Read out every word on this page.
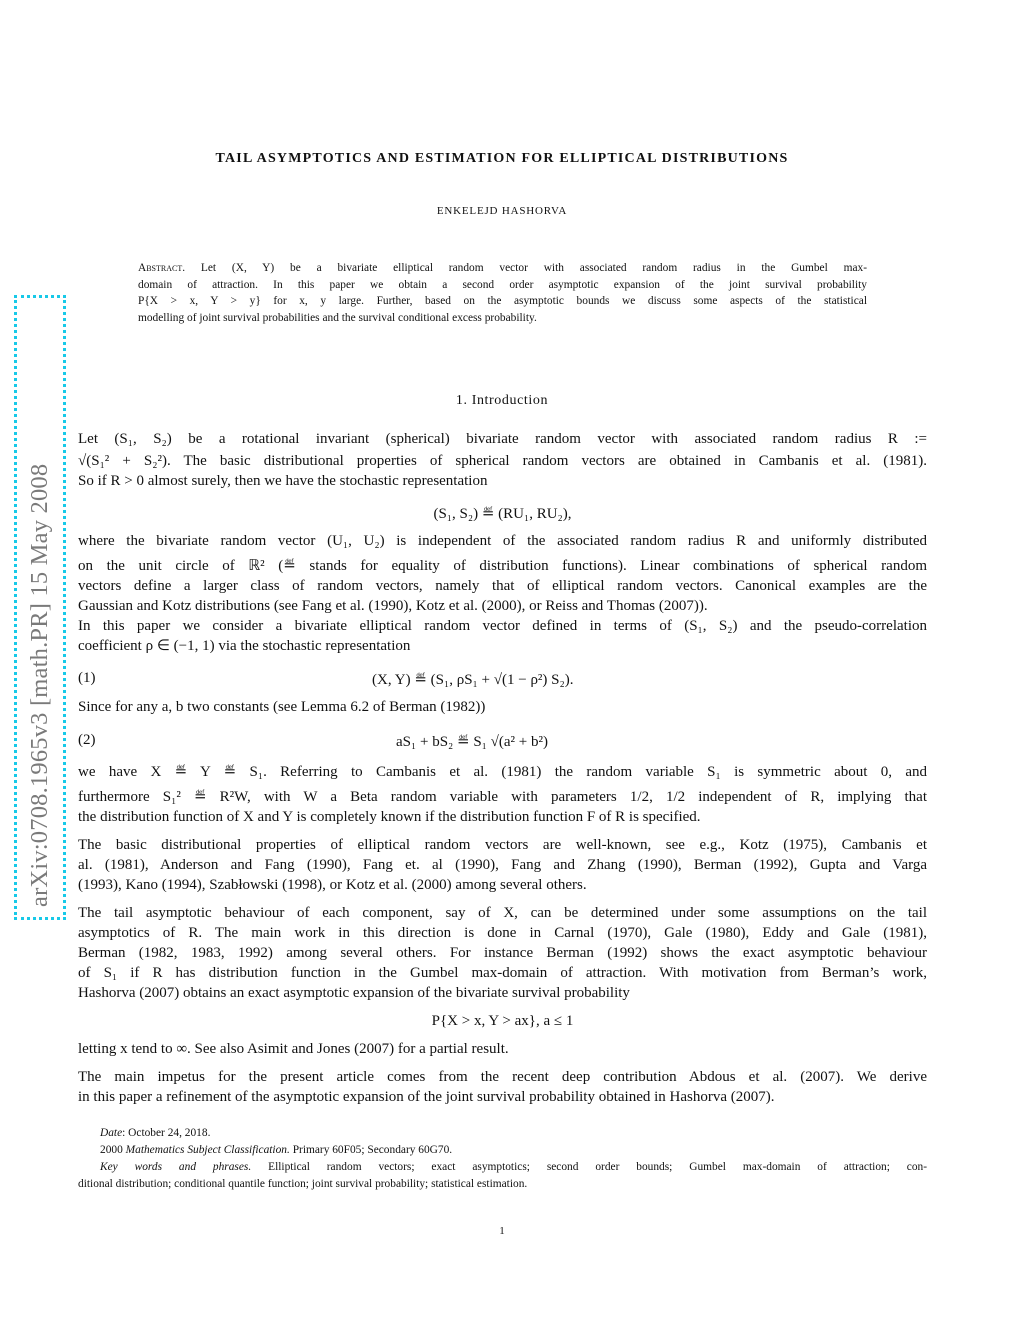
arXiv:0708.1965v3 [math.PR] 15 May 2008
TAIL ASYMPTOTICS AND ESTIMATION FOR ELLIPTICAL DISTRIBUTIONS
ENKELEJD HASHORVA
Abstract. Let (X, Y) be a bivariate elliptical random vector with associated random radius in the Gumbel max-
domain of attraction. In this paper we obtain a second order asymptotic expansion of the joint survival probability
P{X > x, Y > y} for x, y large. Further, based on the asymptotic bounds we discuss some aspects of the statistical
modelling of joint survival probabilities and the survival conditional excess probability.
1. Introduction
Let (S₁, S₂) be a rotational invariant (spherical) bivariate random vector with associated random radius R :=
√(S₁² + S₂²). The basic distributional properties of spherical random vectors are obtained in Cambanis et al. (1981).
So if R > 0 almost surely, then we have the stochastic representation
(S₁, S₂) ≝ (RU₁, RU₂),
where the bivariate random vector (U₁, U₂) is independent of the associated random radius R and uniformly distributed
on the unit circle of ℝ² (≝ stands for equality of distribution functions). Linear combinations of spherical random
vectors define a larger class of random vectors, namely that of elliptical random vectors. Canonical examples are the
Gaussian and Kotz distributions (see Fang et al. (1990), Kotz et al. (2000), or Reiss and Thomas (2007)).
In this paper we consider a bivariate elliptical random vector defined in terms of (S₁, S₂) and the pseudo-correlation
coefficient ρ ∈ (−1, 1) via the stochastic representation
(1)	(X, Y) ≝ (S₁, ρS₁ + √(1 − ρ²) S₂).
Since for any a, b two constants (see Lemma 6.2 of Berman (1982))
(2)	aS₁ + bS₂ ≝ S₁ √(a² + b²)
we have X ≝ Y ≝ S₁. Referring to Cambanis et al. (1981) the random variable S₁ is symmetric about 0, and
furthermore S₁² ≝ R²W, with W a Beta random variable with parameters 1/2, 1/2 independent of R, implying that
the distribution function of X and Y is completely known if the distribution function F of R is specified.
The basic distributional properties of elliptical random vectors are well-known, see e.g., Kotz (1975), Cambanis et
al. (1981), Anderson and Fang (1990), Fang et. al (1990), Fang and Zhang (1990), Berman (1992), Gupta and Varga
(1993), Kano (1994), Szabłowski (1998), or Kotz et al. (2000) among several others.
The tail asymptotic behaviour of each component, say of X, can be determined under some assumptions on the tail
asymptotics of R. The main work in this direction is done in Carnal (1970), Gale (1980), Eddy and Gale (1981),
Berman (1982, 1983, 1992) among several others. For instance Berman (1992) shows the exact asymptotic behaviour
of S₁ if R has distribution function in the Gumbel max-domain of attraction. With motivation from Berman’s work,
Hashorva (2007) obtains an exact asymptotic expansion of the bivariate survival probability
P{X > x, Y > ax}, a ≤ 1
letting x tend to ∞. See also Asimit and Jones (2007) for a partial result.
The main impetus for the present article comes from the recent deep contribution Abdous et al. (2007). We derive
in this paper a refinement of the asymptotic expansion of the joint survival probability obtained in Hashorva (2007).
Date: October 24, 2018.
2000 Mathematics Subject Classification. Primary 60F05; Secondary 60G70.
Key words and phrases. Elliptical random vectors; exact asymptotics; second order bounds; Gumbel max-domain of attraction; con-
ditional distribution; conditional quantile function; joint survival probability; statistical estimation.
1
